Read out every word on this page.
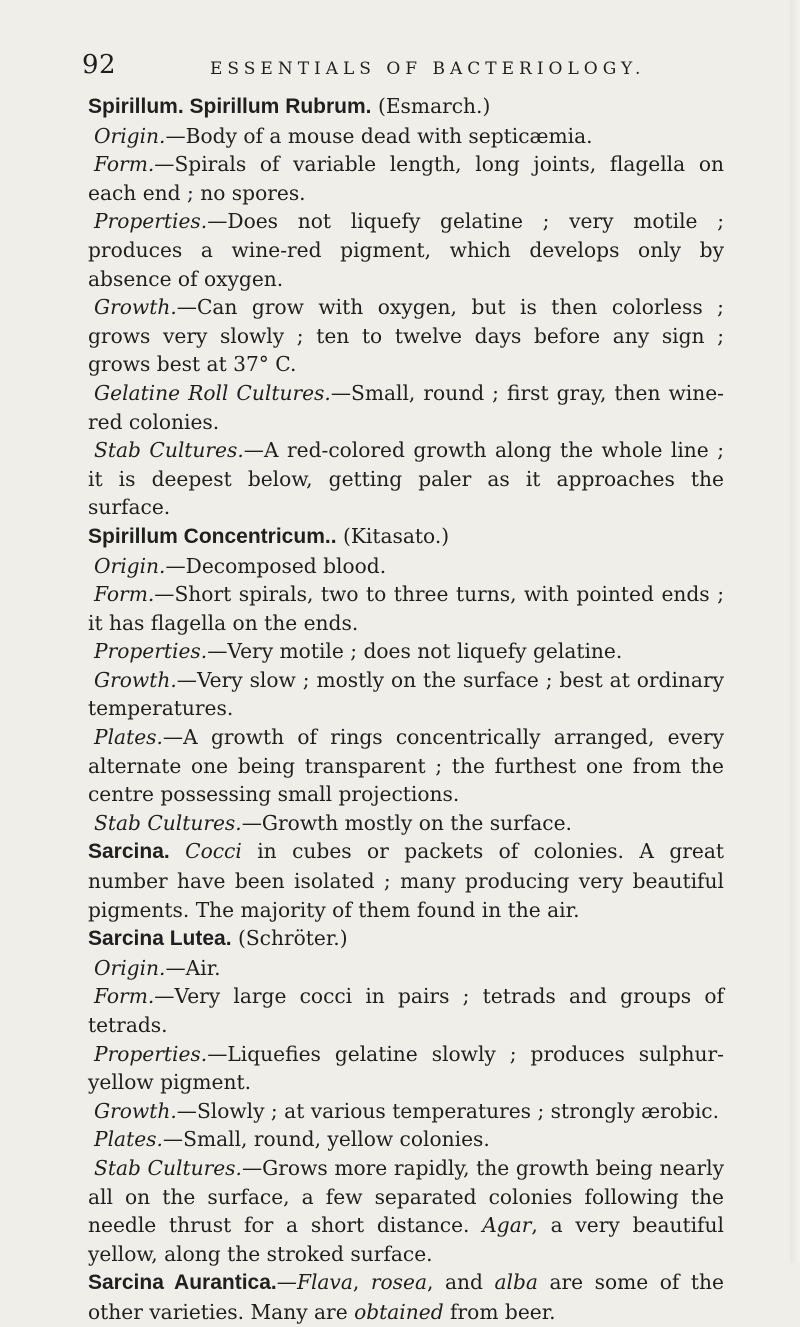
92	ESSENTIALS OF BACTERIOLOGY.

Spirillum. Spirillum Rubrum. (Esmarch.)

Origin.—Body of a mouse dead with septicæmia.

Form.—Spirals of variable length, long joints, flagella on each end ; no spores.

Properties.—Does not liquefy gelatine ; very motile ; produces a wine-red pigment, which develops only by absence of oxygen.

Growth.—Can grow with oxygen, but is then colorless ; grows very slowly ; ten to twelve days before any sign ; grows best at 37° C.

Gelatine Roll Cultures.—Small, round ; first gray, then wine-red colonies.

Stab Cultures.—A red-colored growth along the whole line ; it is deepest below, getting paler as it approaches the surface.

Spirillum Concentricum.. (Kitasato.)

Origin.—Decomposed blood.

Form.—Short spirals, two to three turns, with pointed ends ; it has flagella on the ends.

Properties.—Very motile ; does not liquefy gelatine.

Growth.—Very slow ; mostly on the surface ; best at ordinary temperatures.

Plates.—A growth of rings concentrically arranged, every alternate one being transparent ; the furthest one from the centre possessing small projections.

Stab Cultures.—Growth mostly on the surface.

Sarcina. Cocci in cubes or packets of colonies. A great number have been isolated ; many producing very beautiful pigments. The majority of them found in the air.

Sarcina Lutea. (Schröter.)

Origin.—Air.

Form.—Very large cocci in pairs ; tetrads and groups of tetrads.

Properties.—Liquefies gelatine slowly ; produces sulphur-yellow pigment.

Growth.—Slowly ; at various temperatures ; strongly ærobic.

Plates.—Small, round, yellow colonies.

Stab Cultures.—Grows more rapidly, the growth being nearly all on the surface, a few separated colonies following the needle thrust for a short distance. Agar, a very beautiful yellow, along the stroked surface.

Sarcina Aurantica.—Flava, rosea, and alba are some of the other varieties. Many are obtained from beer.
